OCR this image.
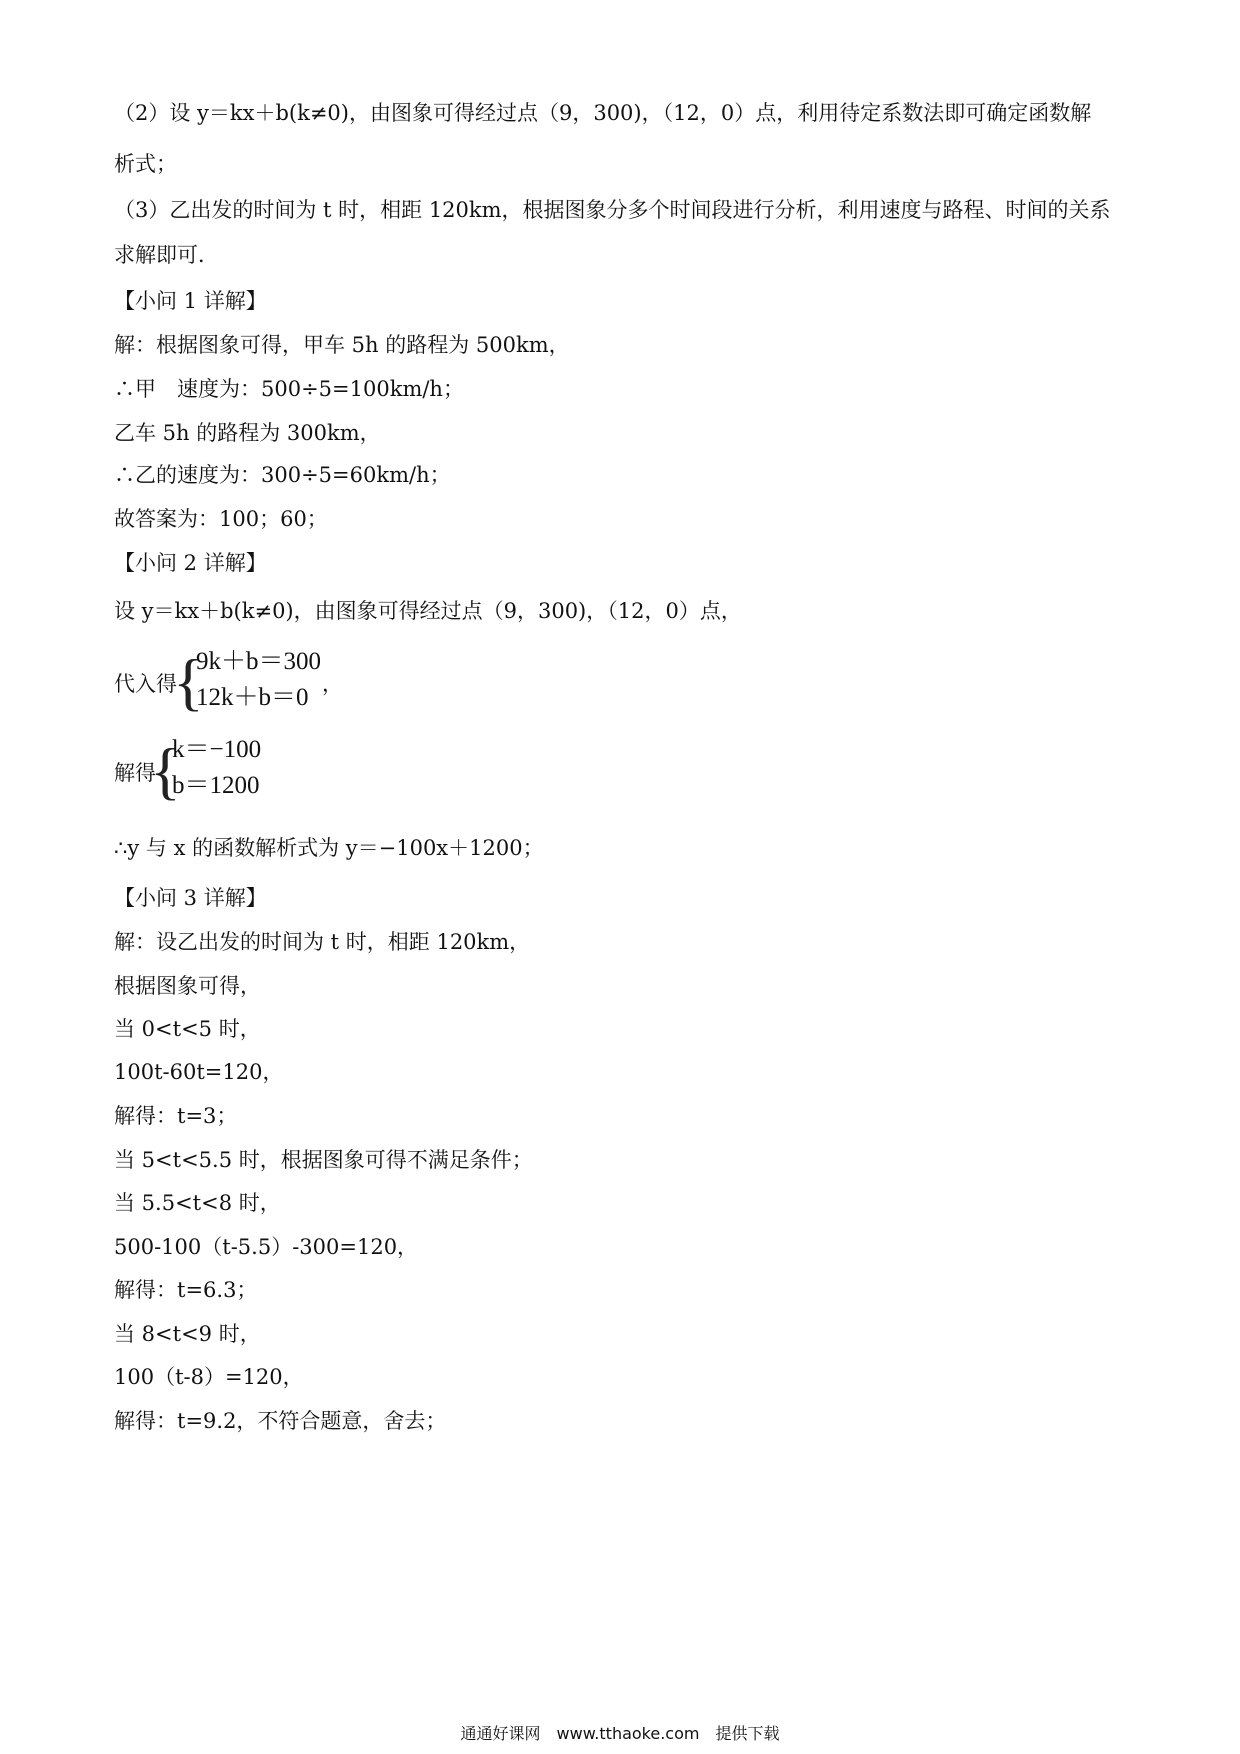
（2）设 y＝kx＋b(k≠0)，由图象可得经过点（9，300)，（12，0）点，利用待定系数法即可确定函数解
析式；
（3）乙出发的时间为 t 时，相距 120km，根据图象分多个时间段进行分析，利用速度与路程、时间的关系
求解即可．
【小问 1 详解】
解：根据图象可得，甲车 5h 的路程为 500km，
∴甲　速度为：500÷5=100km/h；
乙车 5h 的路程为 300km，
∴乙的速度为：300÷5=60km/h；
故答案为：100；60；
【小问 2 详解】
设 y＝kx＋b(k≠0)，由图象可得经过点（9，300)，（12，0）点，
代入得
{
9k＋b＝300
12k＋b＝0 ，
解得
{
k＝−100
b＝1200
∴y 与 x 的函数解析式为 y＝−100x＋1200；
【小问 3 详解】
解：设乙出发的时间为 t 时，相距 120km，
根据图象可得，
当 0<t<5 时，
100t-60t=120，
解得：t=3；
当 5<t<5.5 时，根据图象可得不满足条件；
当 5.5<t<8 时，
500-100（t-5.5）-300=120，
解得：t=6.3；
当 8<t<9 时，
100（t-8）=120，
解得：t=9.2，不符合题意，舍去；
通通好课网　www.tthaoke.com　提供下载
